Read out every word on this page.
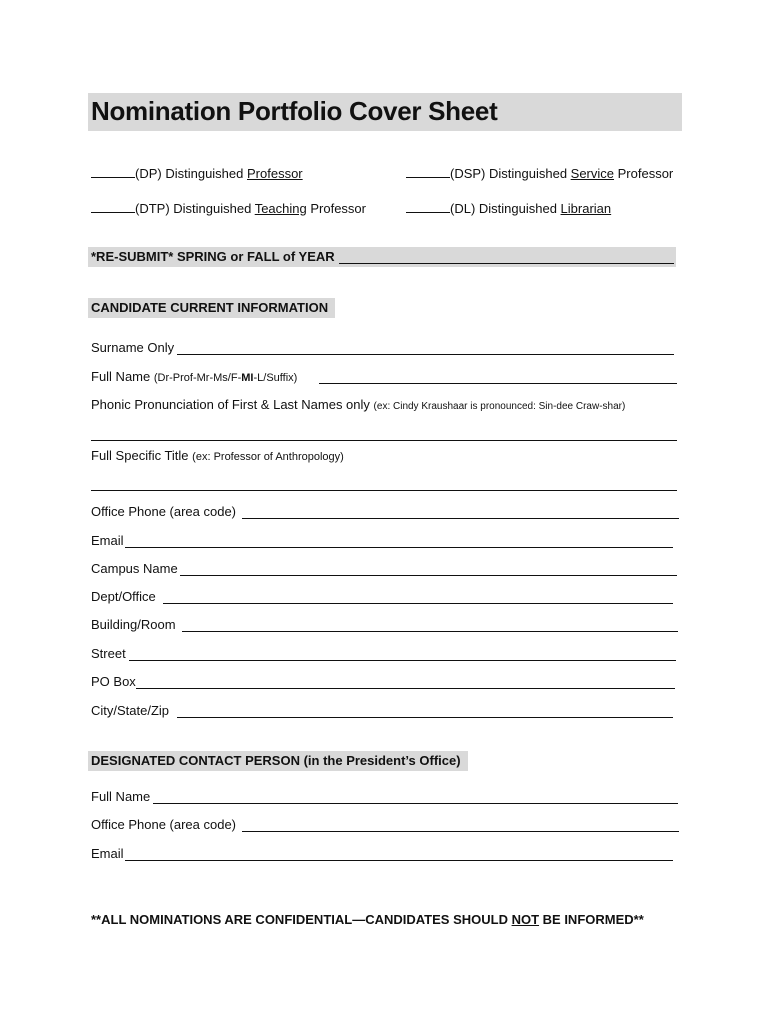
Nomination Portfolio Cover Sheet
(DP) Distinguished Professor	(DSP) Distinguished Service Professor
(DTP) Distinguished Teaching Professor	(DL) Distinguished Librarian
*RE-SUBMIT* SPRING or FALL of YEAR
CANDIDATE CURRENT INFORMATION
Surname Only
Full Name (Dr-Prof-Mr-Ms/F-MI-L/Suffix)
Phonic Pronunciation of First & Last Names only (ex: Cindy Kraushaar is pronounced: Sin-dee Craw-shar)
Full Specific Title (ex: Professor of Anthropology)
Office Phone (area code)
Email
Campus Name
Dept/Office
Building/Room
Street
PO Box
City/State/Zip
DESIGNATED CONTACT PERSON (in the President’s Office)
Full Name
Office Phone (area code)
Email
**ALL NOMINATIONS ARE CONFIDENTIAL—CANDIDATES SHOULD NOT BE INFORMED**
